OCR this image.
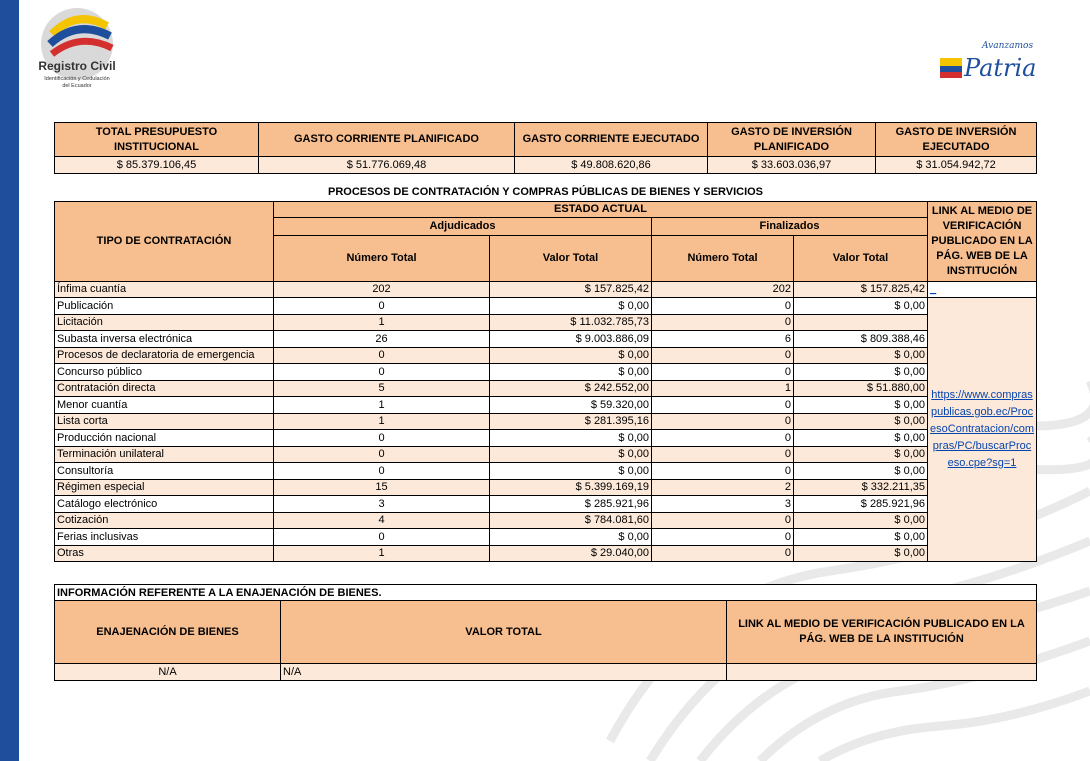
Registro Civil
Identificación y Cedulación
del Ecuador
Avanzamos
Patria!
TOTAL PRESUPUESTO INSTITUCIONAL	GASTO CORRIENTE PLANIFICADO	GASTO CORRIENTE EJECUTADO	GASTO DE INVERSIÓN PLANIFICADO	GASTO DE INVERSIÓN EJECUTADO
$ 85.379.106,45	$ 51.776.069,48	$ 49.808.620,86	$ 33.603.036,97	$ 31.054.942,72
PROCESOS DE CONTRATACIÓN Y COMPRAS PÚBLICAS DE BIENES Y SERVICIOS					
TIPO DE CONTRATACIÓN	ESTADO ACTUAL				LINK AL MEDIO DE VERIFICACIÓN PUBLICADO EN LA PÁG. WEB DE LA INSTITUCIÓN
	Adjudicados		Finalizados		
	Número Total	Valor Total	Número Total	Valor Total	
Ínfima cuantía	202	$ 157.825,42	202	$ 157.825,42	_
Publicación	0	$ 0,00	0	$ 0,00	https://www.compraspublicas.gob.ec/ProcesoContratacion/compras/PC/buscarProceso.cpe?sg=1
Licitación	1	$ 11.032.785,73	0		
Subasta inversa electrónica	26	$ 9.003.886,09	6	$ 809.388,46	
Procesos de declaratoria de emergencia	0	$ 0,00	0	$ 0,00	
Concurso público	0	$ 0,00	0	$ 0,00	
Contratación directa	5	$ 242.552,00	1	$ 51.880,00	
Menor cuantía	1	$ 59.320,00	0	$ 0,00	
Lista corta	1	$ 281.395,16	0	$ 0,00	
Producción nacional	0	$ 0,00	0	$ 0,00	
Terminación unilateral	0	$ 0,00	0	$ 0,00	
Consultoría	0	$ 0,00	0	$ 0,00	
Régimen especial	15	$ 5.399.169,19	2	$ 332.211,35	
Catálogo electrónico	3	$ 285.921,96	3	$ 285.921,96	
Cotización	4	$ 784.081,60	0	$ 0,00	
Ferias inclusivas	0	$ 0,00	0	$ 0,00	
Otras	1	$ 29.040,00	0	$ 0,00	
INFORMACIÓN REFERENTE A LA ENAJENACIÓN DE BIENES.		
ENAJENACIÓN DE BIENES	VALOR TOTAL	LINK AL MEDIO DE VERIFICACIÓN PUBLICADO EN LA PÁG. WEB DE LA INSTITUCIÓN
N/A	N/A	
